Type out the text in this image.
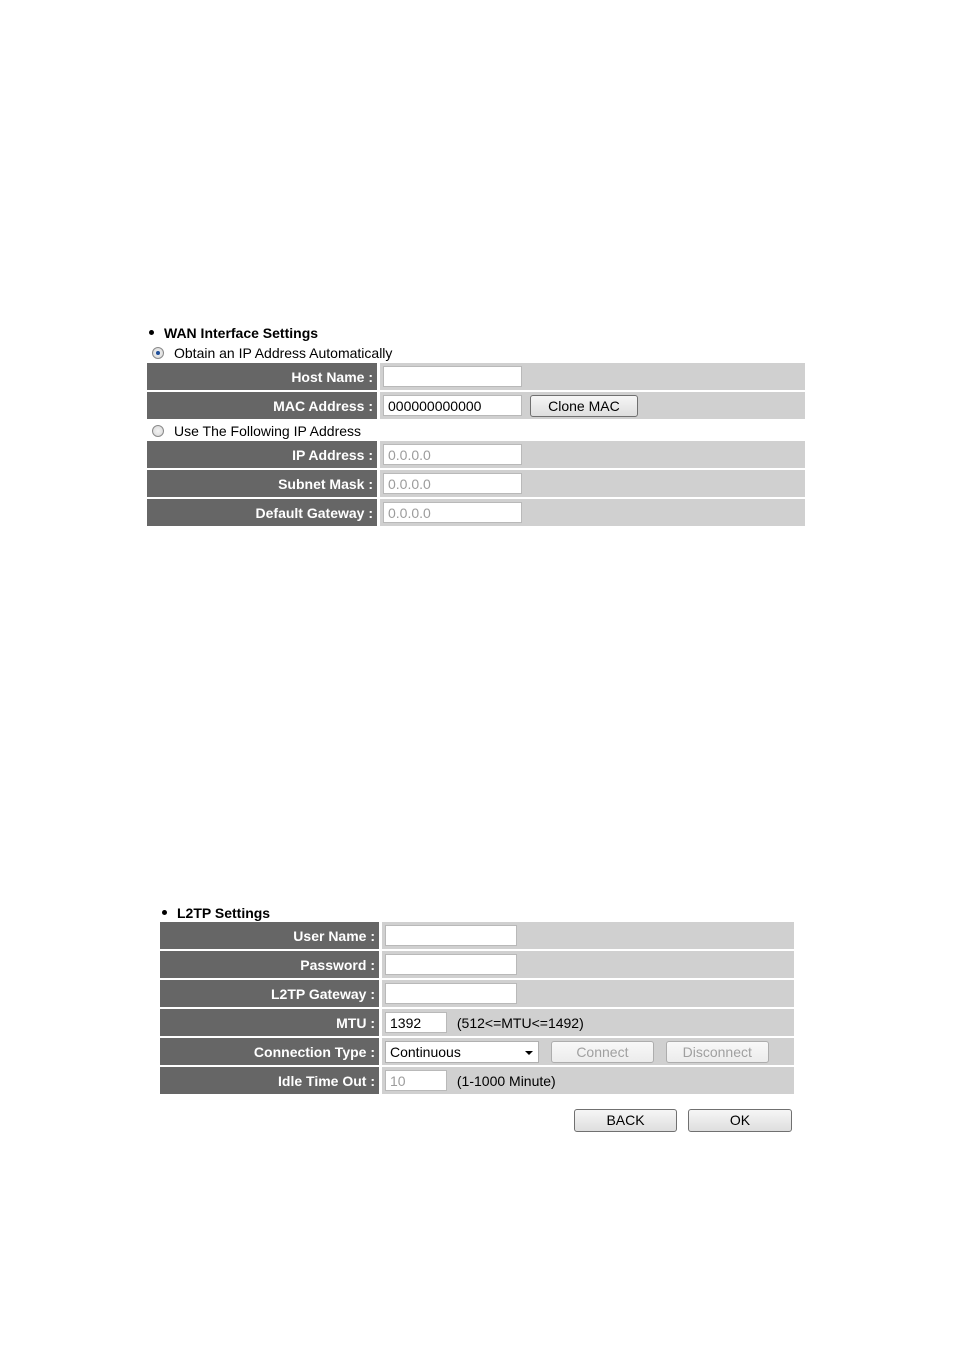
WAN Interface Settings
Obtain an IP Address Automatically
Host Name :	
MAC Address :	000000000000 Clone MAC
Use The Following IP Address
IP Address :	0.0.0.0
Subnet Mask :	0.0.0.0
Default Gateway :	0.0.0.0
L2TP Settings
User Name :	
Password :	
L2TP Gateway :	
MTU :	1392 (512<=MTU<=1492)
Connection Type :	Continuous Connect Disconnect
Idle Time Out :	10 (1-1000 Minute)
BACK	OK
